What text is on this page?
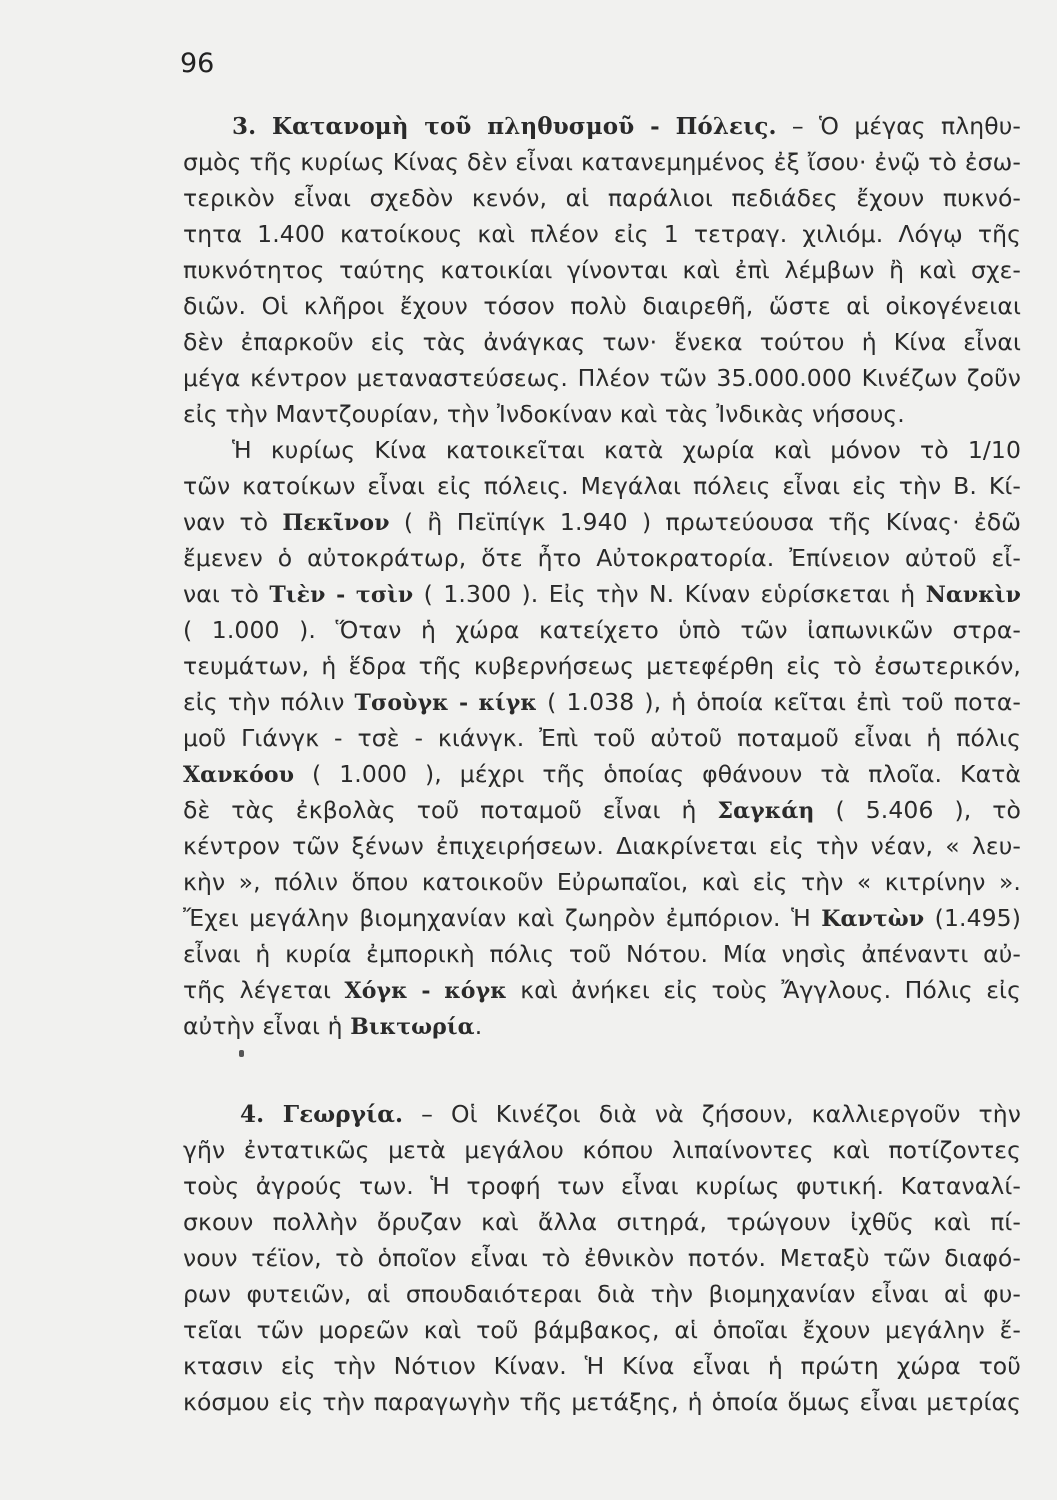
96
3. Κατανομὴ τοῦ πληθυσμοῦ - Πόλεις. – Ὁ μέγας πληθυ-
σμὸς τῆς κυρίως Κίνας δὲν εἶναι κατανεμημένος ἐξ ἴσου· ἐνῷ τὸ ἐσω-
τερικὸν εἶναι σχεδὸν κενόν, αἱ παράλιοι πεδιάδες ἔχουν πυκνό-
τητα 1.400 κατοίκους καὶ πλέον εἰς 1 τετραγ. χιλιόμ. Λόγῳ τῆς
πυκνότητος ταύτης κατοικίαι γίνονται καὶ ἐπὶ λέμβων ἢ καὶ σχε-
διῶν. Οἱ κλῆροι ἔχουν τόσον πολὺ διαιρεθῆ, ὥστε αἱ οἰκογένειαι
δὲν ἐπαρκοῦν εἰς τὰς ἀνάγκας των· ἕνεκα τούτου ἡ Κίνα εἶναι
μέγα κέντρον μεταναστεύσεως. Πλέον τῶν 35.000.000 Κινέζων ζοῦν
εἰς τὴν Μαντζουρίαν, τὴν Ἰνδοκίναν καὶ τὰς Ἰνδικὰς νήσους.
Ἡ κυρίως Κίνα κατοικεῖται κατὰ χωρία καὶ μόνον τὸ 1/10
τῶν κατοίκων εἶναι εἰς πόλεις. Μεγάλαι πόλεις εἶναι εἰς τὴν Β. Κί-
ναν τὸ Πεκῖνον ( ἢ Πεϊπίγκ 1.940 ) πρωτεύουσα τῆς Κίνας· ἐδῶ
ἔμενεν ὁ αὐτοκράτωρ, ὅτε ἦτο Αὐτοκρατορία. Ἐπίνειον αὐτοῦ εἶ-
ναι τὸ Τιὲν - τσὶν ( 1.300 ). Εἰς τὴν Ν. Κίναν εὑρίσκεται ἡ Νανκὶν
( 1.000 ). Ὅταν ἡ χώρα κατείχετο ὑπὸ τῶν ἰαπωνικῶν στρα-
τευμάτων, ἡ ἕδρα τῆς κυβερνήσεως μετεφέρθη εἰς τὸ ἐσωτερικόν,
εἰς τὴν πόλιν Τσοὺγκ - κίγκ ( 1.038 ), ἡ ὁποία κεῖται ἐπὶ τοῦ ποτα-
μοῦ Γιάνγκ - τσὲ - κιάνγκ. Ἐπὶ τοῦ αὐτοῦ ποταμοῦ εἶναι ἡ πόλις
Χανκόου ( 1.000 ), μέχρι τῆς ὁποίας φθάνουν τὰ πλοῖα. Κατὰ
δὲ τὰς ἐκβολὰς τοῦ ποταμοῦ εἶναι ἡ Σαγκάη ( 5.406 ), τὸ
κέντρον τῶν ξένων ἐπιχειρήσεων. Διακρίνεται εἰς τὴν νέαν, « λευ-
κὴν », πόλιν ὅπου κατοικοῦν Εὐρωπαῖοι, καὶ εἰς τὴν « κιτρίνην ».
Ἔχει μεγάλην βιομηχανίαν καὶ ζωηρὸν ἐμπόριον. Ἡ Καντὼν (1.495)
εἶναι ἡ κυρία ἐμπορικὴ πόλις τοῦ Νότου. Μία νησὶς ἀπέναντι αὐ-
τῆς λέγεται Χόγκ - κόγκ καὶ ἀνήκει εἰς τοὺς Ἄγγλους. Πόλις εἰς
αὐτὴν εἶναι ἡ Βικτωρία.
4. Γεωργία. – Οἱ Κινέζοι διὰ νὰ ζήσουν, καλλιεργοῦν τὴν
γῆν ἐντατικῶς μετὰ μεγάλου κόπου λιπαίνοντες καὶ ποτίζοντες
τοὺς ἀγρούς των. Ἡ τροφή των εἶναι κυρίως φυτική. Καταναλί-
σκουν πολλὴν ὄρυζαν καὶ ἄλλα σιτηρά, τρώγουν ἰχθῦς καὶ πί-
νουν τέϊον, τὸ ὁποῖον εἶναι τὸ ἐθνικὸν ποτόν. Μεταξὺ τῶν διαφό-
ρων φυτειῶν, αἱ σπουδαιότεραι διὰ τὴν βιομηχανίαν εἶναι αἱ φυ-
τεῖαι τῶν μορεῶν καὶ τοῦ βάμβακος, αἱ ὁποῖαι ἔχουν μεγάλην ἔ-
κτασιν εἰς τὴν Νότιον Κίναν. Ἡ Κίνα εἶναι ἡ πρώτη χώρα τοῦ
κόσμου εἰς τὴν παραγωγὴν τῆς μετάξης, ἡ ὁποία ὅμως εἶναι μετρίας
